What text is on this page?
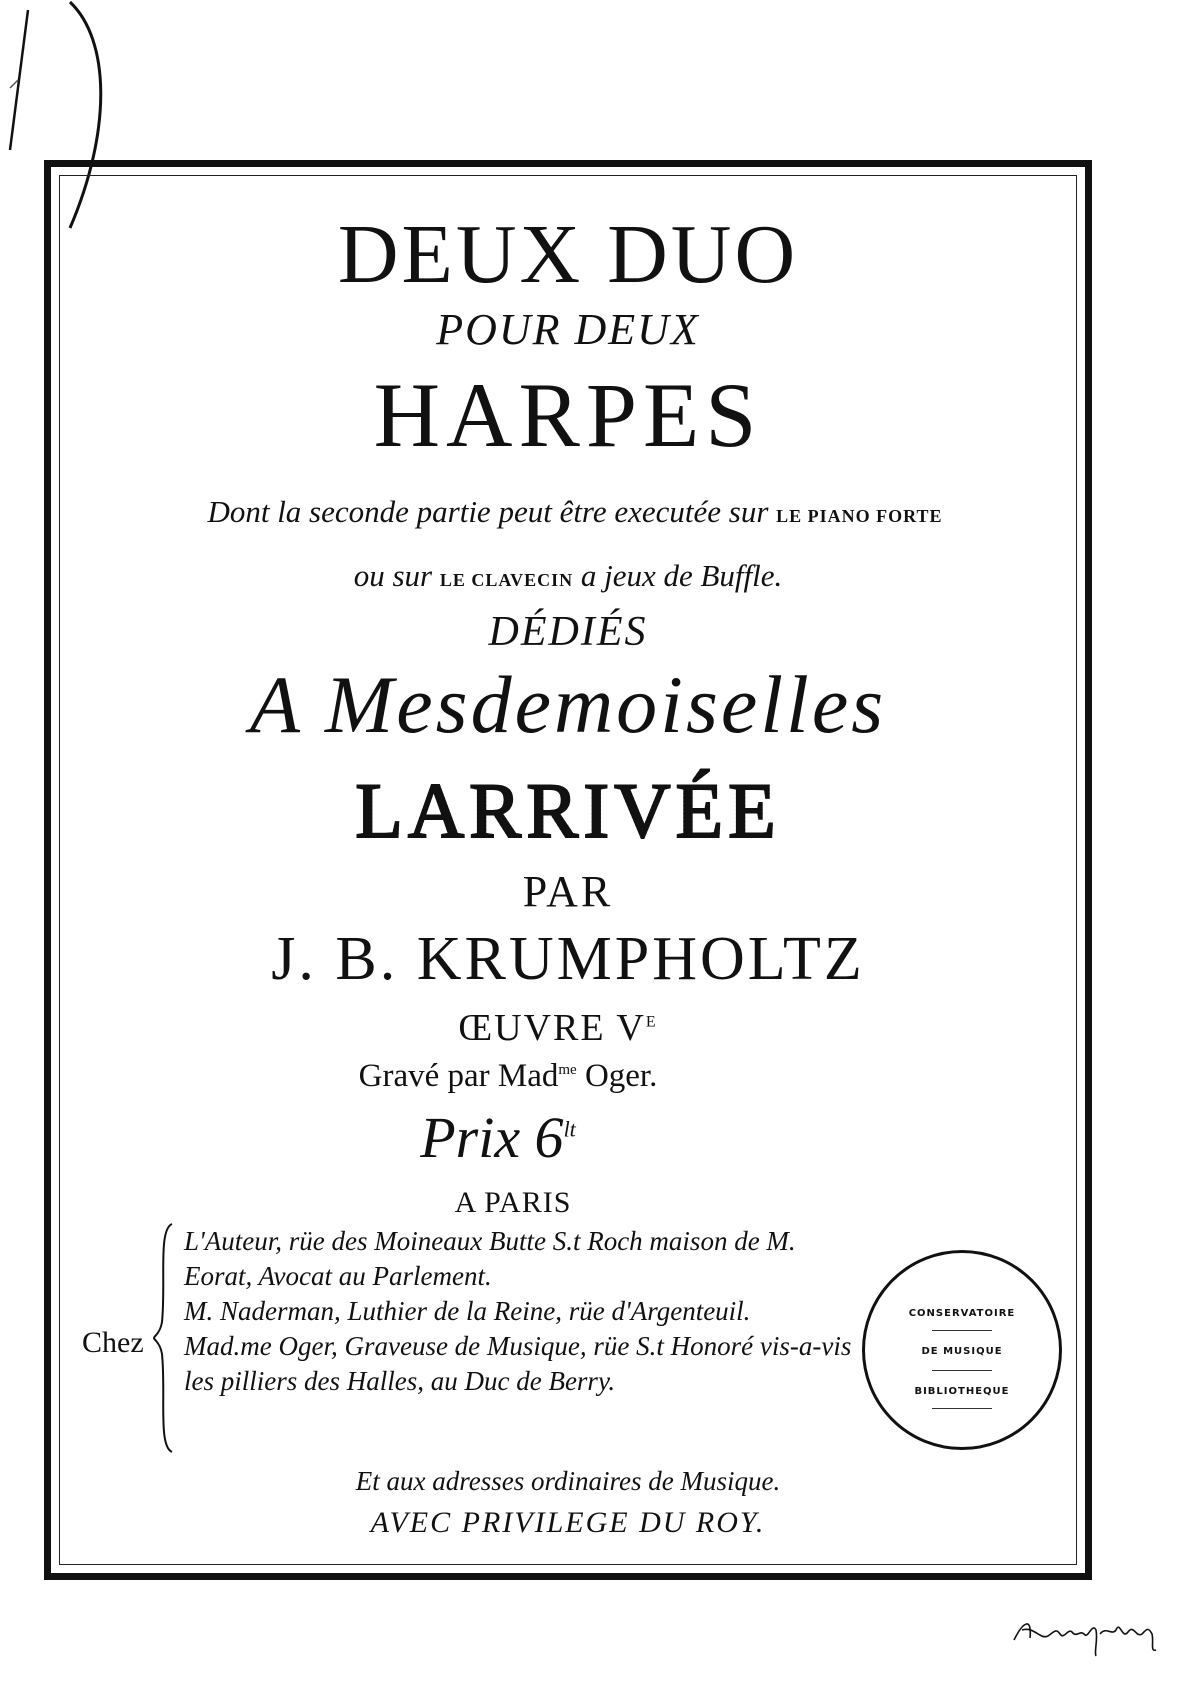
DEUX DUO
POUR DEUX
HARPES
Dont la seconde partie peut être executée sur LE PIANO FORTE
ou sur LE CLAVECIN a jeux de Buffle.
DÉDIÉS
A Mesdemoiselles
LARRIVÉE
PAR
J. B. KRUMPHOLTZ
ŒUVRE $V^E$
Gravé par Mad$^{me}$ Oger.
Prix $6^{lt}$
A PARIS
Chez
L'Auteur, rüe des Moineaux Butte S.t Roch maison de M.
Eorat, Avocat au Parlement.
M. Naderman, Luthier de la Reine, rüe d'Argenteuil.
Mad.me Oger, Graveuse de Musique, rüe S.t Honoré vis-a-vis
les pilliers des Halles, au Duc de Berry.
Et aux adresses ordinaires de Musique.
AVEC PRIVILEGE DU ROY.
CONSERVATOIRE
DE MUSIQUE
BIBLIOTHEQUE
